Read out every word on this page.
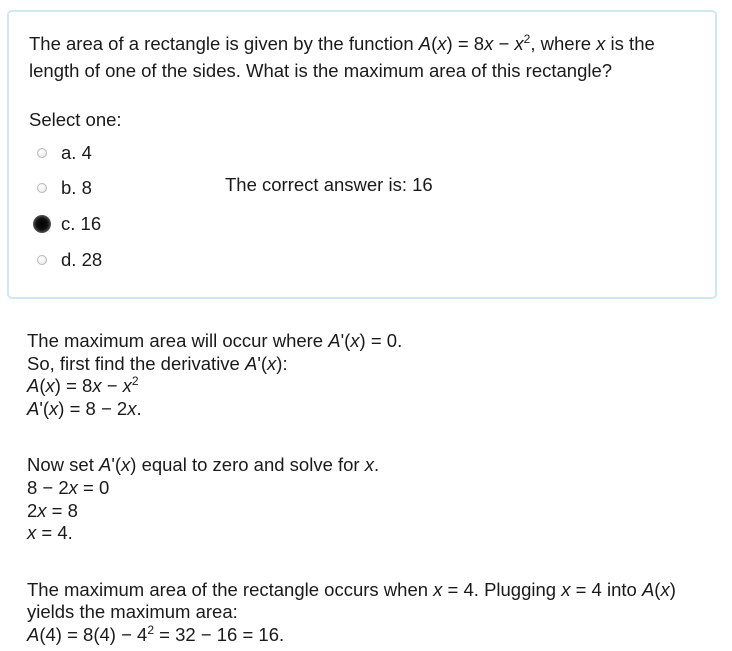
The area of a rectangle is given by the function $A(x) = 8x - x^2$, where x is the
length of one of the sides. What is the maximum area of this rectangle?

Select one:
a. 4
b. 8
c. 16
d. 28
The correct answer is: 16
The maximum area will occur where A'(x) = 0.
So, first find the derivative A'(x):
$A(x) = 8x - x^2$
A'(x) = 8 − 2x.
Now set A'(x) equal to zero and solve for x.
8 − 2x = 0
2x = 8
x = 4.
The maximum area of the rectangle occurs when x = 4. Plugging x = 4 into A(x)
yields the maximum area:
$A(4) = 8(4) - 4^2 = 32 - 16 = 16$.
